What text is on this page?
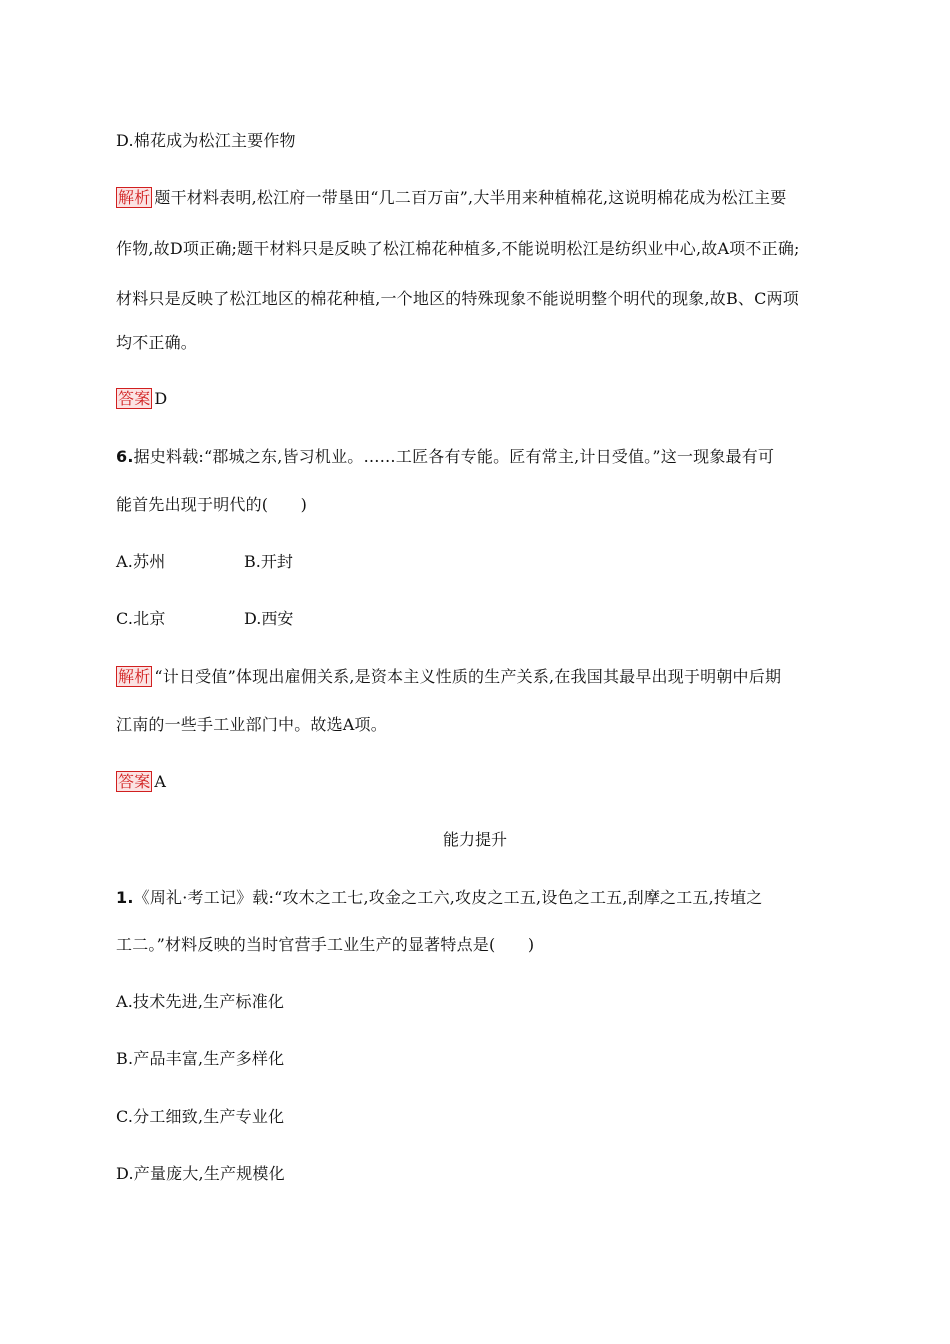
D.棉花成为松江主要作物
解析 题干材料表明,松江府一带垦田“几二百万亩”,大半用来种植棉花,这说明棉花成为松江主要
作物,故D项正确;题干材料只是反映了松江棉花种植多,不能说明松江是纺织业中心,故A项不正确;
材料只是反映了松江地区的棉花种植,一个地区的特殊现象不能说明整个明代的现象,故B、C两项
均不正确。
答案 D
6.据史料载:“郡城之东,皆习机业。……工匠各有专能。匠有常主,计日受值。”这一现象最有可
能首先出现于明代的(　　)
A.苏州	B.开封
C.北京	D.西安
解析 “计日受值”体现出雇佣关系,是资本主义性质的生产关系,在我国其最早出现于明朝中后期
江南的一些手工业部门中。故选A项。
答案 A
能力提升
1.《周礼·考工记》载:“攻木之工七,攻金之工六,攻皮之工五,设色之工五,刮摩之工五,抟埴之
工二。”材料反映的当时官营手工业生产的显著特点是(　　)
A.技术先进,生产标准化
B.产品丰富,生产多样化
C.分工细致,生产专业化
D.产量庞大,生产规模化
